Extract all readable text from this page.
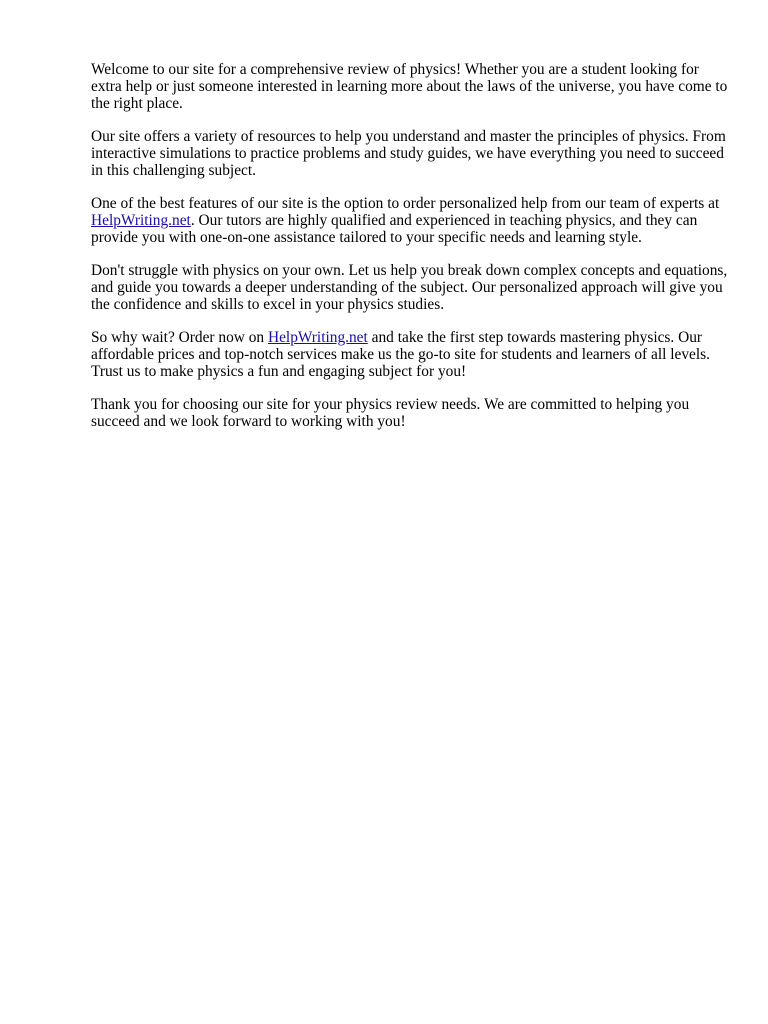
Welcome to our site for a comprehensive review of physics! Whether you are a student looking for extra help or just someone interested in learning more about the laws of the universe, you have come to the right place.

Our site offers a variety of resources to help you understand and master the principles of physics. From interactive simulations to practice problems and study guides, we have everything you need to succeed in this challenging subject.

One of the best features of our site is the option to order personalized help from our team of experts at HelpWriting.net. Our tutors are highly qualified and experienced in teaching physics, and they can provide you with one-on-one assistance tailored to your specific needs and learning style.

Don't struggle with physics on your own. Let us help you break down complex concepts and equations, and guide you towards a deeper understanding of the subject. Our personalized approach will give you the confidence and skills to excel in your physics studies.

So why wait? Order now on HelpWriting.net and take the first step towards mastering physics. Our affordable prices and top-notch services make us the go-to site for students and learners of all levels. Trust us to make physics a fun and engaging subject for you!

Thank you for choosing our site for your physics review needs. We are committed to helping you succeed and we look forward to working with you!
